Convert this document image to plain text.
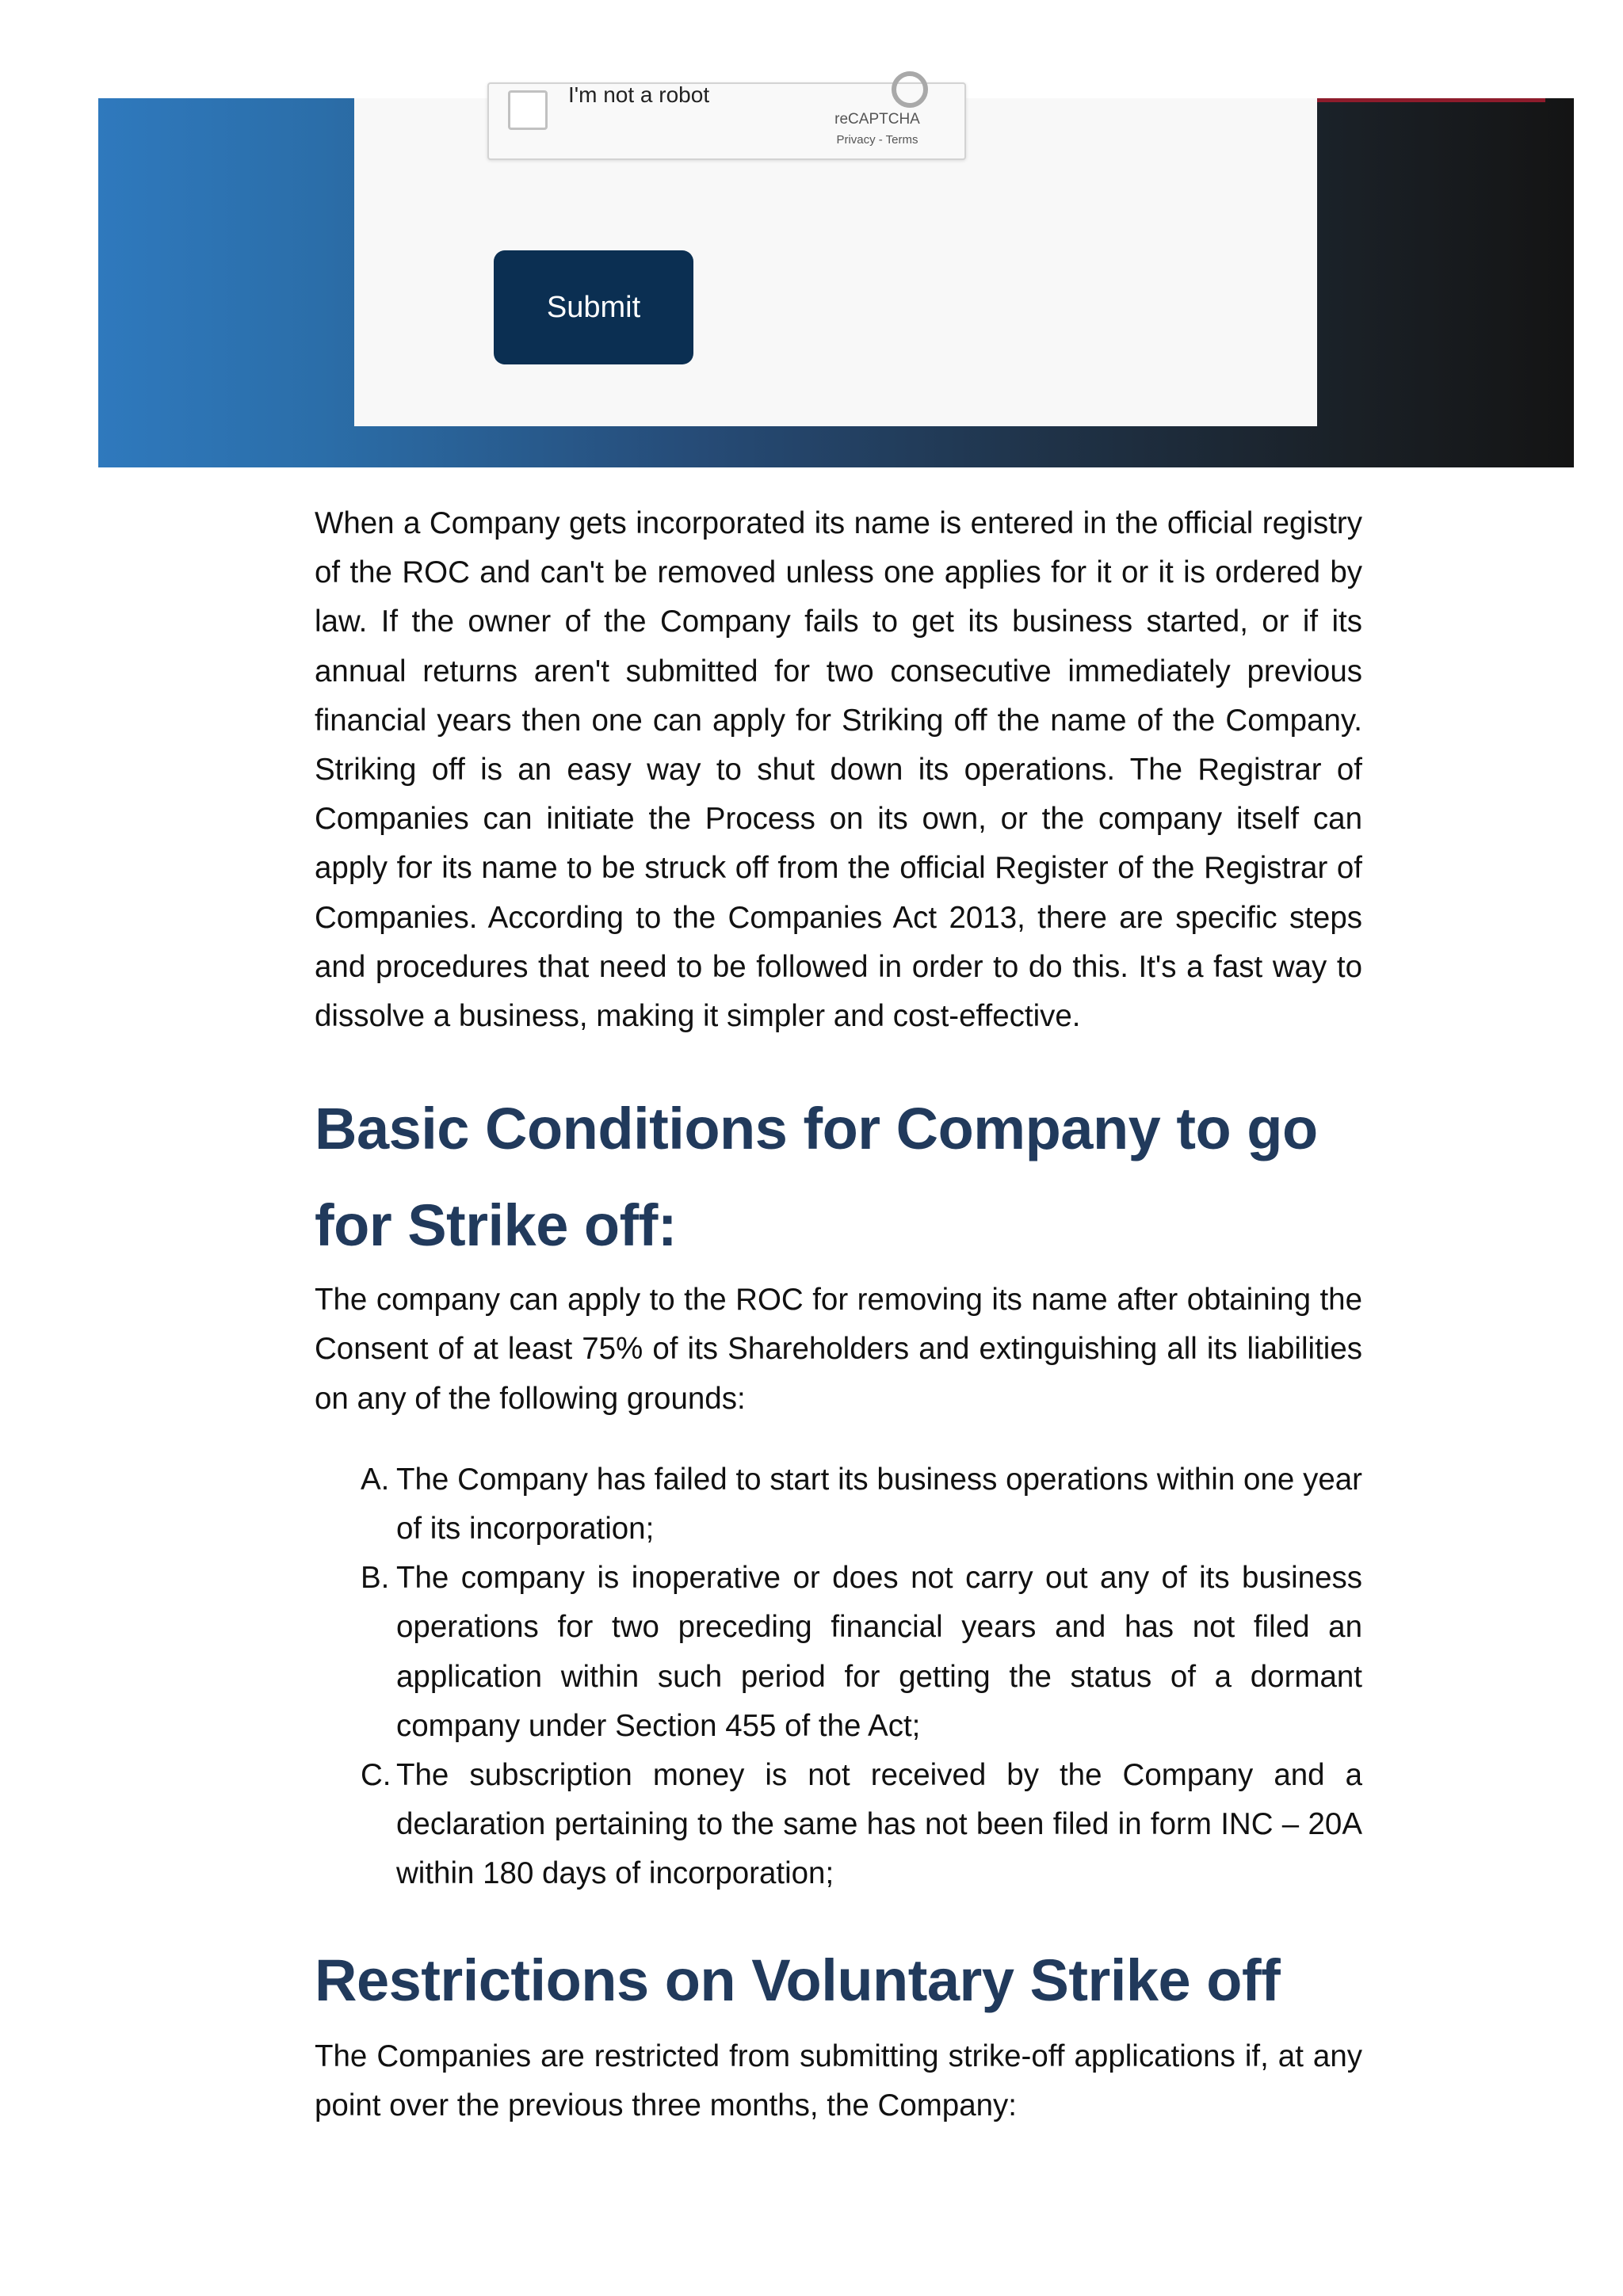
I'm not a robot
reCAPTCHA
Privacy - Terms
Submit

When a Company gets incorporated its name is entered in the official registry of the ROC and can't be removed unless one applies for it or it is ordered by law. If the owner of the Company fails to get its business started, or if its annual returns aren't submitted for two consecutive immediately previous financial years then one can apply for Striking off the name of the Company. Striking off is an easy way to shut down its operations. The Registrar of Companies can initiate the Process on its own, or the company itself can apply for its name to be struck off from the official Register of the Registrar of Companies. According to the Companies Act 2013, there are specific steps and procedures that need to be followed in order to do this. It's a fast way to dissolve a business, making it simpler and cost-effective.

Basic Conditions for Company to go for Strike off:

The company can apply to the ROC for removing its name after obtaining the Consent of at least 75% of its Shareholders and extinguishing all its liabilities on any of the following grounds:

A. The Company has failed to start its business operations within one year of its incorporation;
B. The company is inoperative or does not carry out any of its business operations for two preceding financial years and has not filed an application within such period for getting the status of a dormant company under Section 455 of the Act;
C. The subscription money is not received by the Company and a declaration pertaining to the same has not been filed in form INC – 20A within 180 days of incorporation;
Restrictions on Voluntary Strike off

The Companies are restricted from submitting strike-off applications if, at any point over the previous three months, the Company:
